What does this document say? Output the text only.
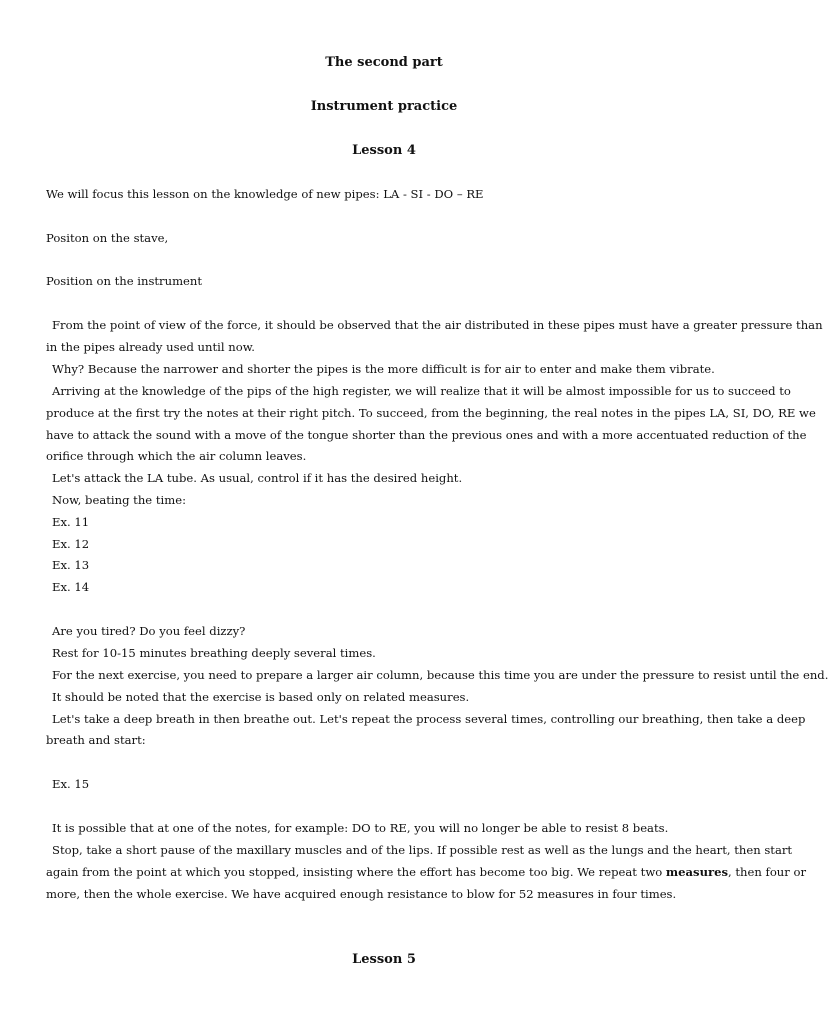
The second part
Instrument practice
Lesson 4
We will focus this lesson on the knowledge of new pipes: LA - SI - DO – RE
Positon on the stave,
Position on the instrument
From the point of view of the force, it should be observed that the air distributed in these pipes must have a greater pressure than
in the pipes already used until now.
Why? Because the narrower and shorter the pipes is the more difficult is for air to enter and make them vibrate.
Arriving at the knowledge of the pips of the high register, we will realize that it will be almost impossible for us to succeed to
produce at the first try the notes at their right pitch. To succeed, from the beginning, the real notes in the pipes LA, SI, DO, RE we
have to attack the sound with a move of the tongue shorter than the previous ones and with a more accentuated reduction of the
orifice through which the air column leaves.
Let's attack the LA tube. As usual, control if it has the desired height.
Now, beating the time:
Ex. 11
Ex. 12
Ex. 13
Ex. 14
Are you tired? Do you feel dizzy?
Rest for 10-15 minutes breathing deeply several times.
For the next exercise, you need to prepare a larger air column, because this time you are under the pressure to resist until the end.
It should be noted that the exercise is based only on related measures.
Let's take a deep breath in then breathe out. Let's repeat the process several times, controlling our breathing, then take a deep
breath and start:
Ex. 15
It is possible that at one of the notes, for example: DO to RE, you will no longer be able to resist 8 beats.
Stop, take a short pause of the maxillary muscles and of the lips. If possible rest as well as the lungs and the heart, then start
again from the point at which you stopped, insisting where the effort has become too big. We repeat two measures, then four or
more, then the whole exercise. We have acquired enough resistance to blow for 52 measures in four times.
Lesson 5
